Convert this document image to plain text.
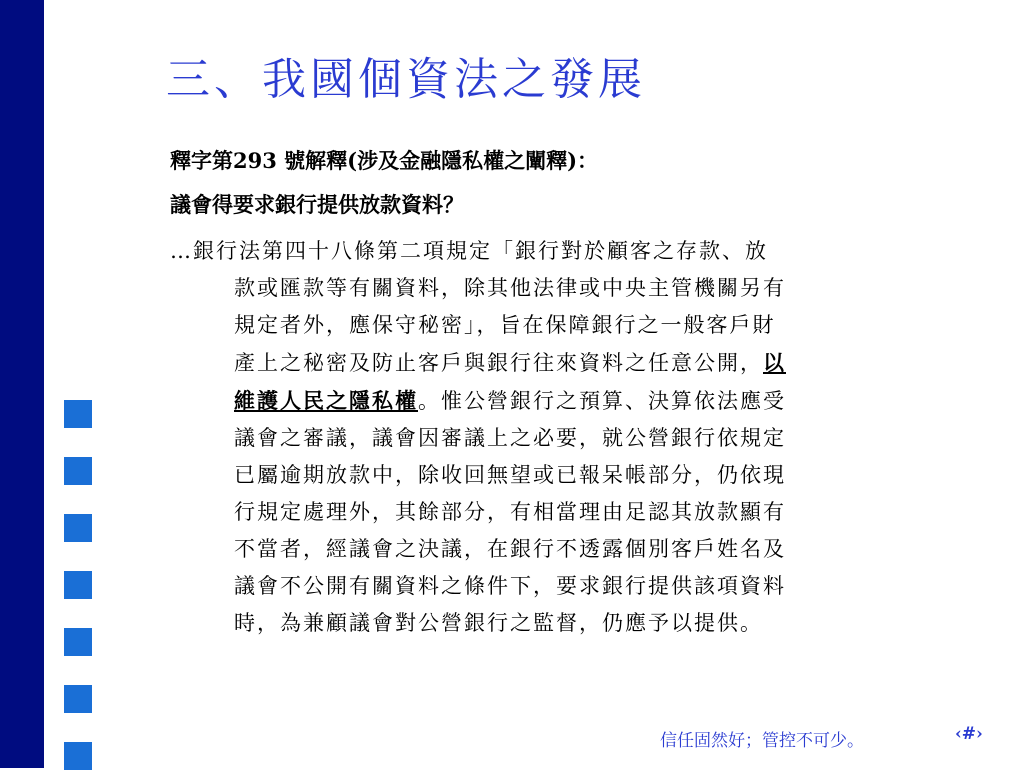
三、我國個資法之發展

釋字第293 號解釋(涉及金融隱私權之闡釋)：

議會得要求銀行提供放款資料？

…銀行法第四十八條第二項規定「銀行對於顧客之存款、放
款或匯款等有關資料，除其他法律或中央主管機關另有
規定者外，應保守秘密」，旨在保障銀行之一般客戶財
產上之秘密及防止客戶與銀行往來資料之任意公開，以
維護人民之隱私權。惟公營銀行之預算、決算依法應受
議會之審議，議會因審議上之必要，就公營銀行依規定
已屬逾期放款中，除收回無望或已報呆帳部分，仍依現
行規定處理外，其餘部分，有相當理由足認其放款顯有
不當者，經議會之決議，在銀行不透露個別客戶姓名及
議會不公開有關資料之條件下，要求銀行提供該項資料
時，為兼顧議會對公營銀行之監督，仍應予以提供。
信任固然好；管控不可少。	‹#›
